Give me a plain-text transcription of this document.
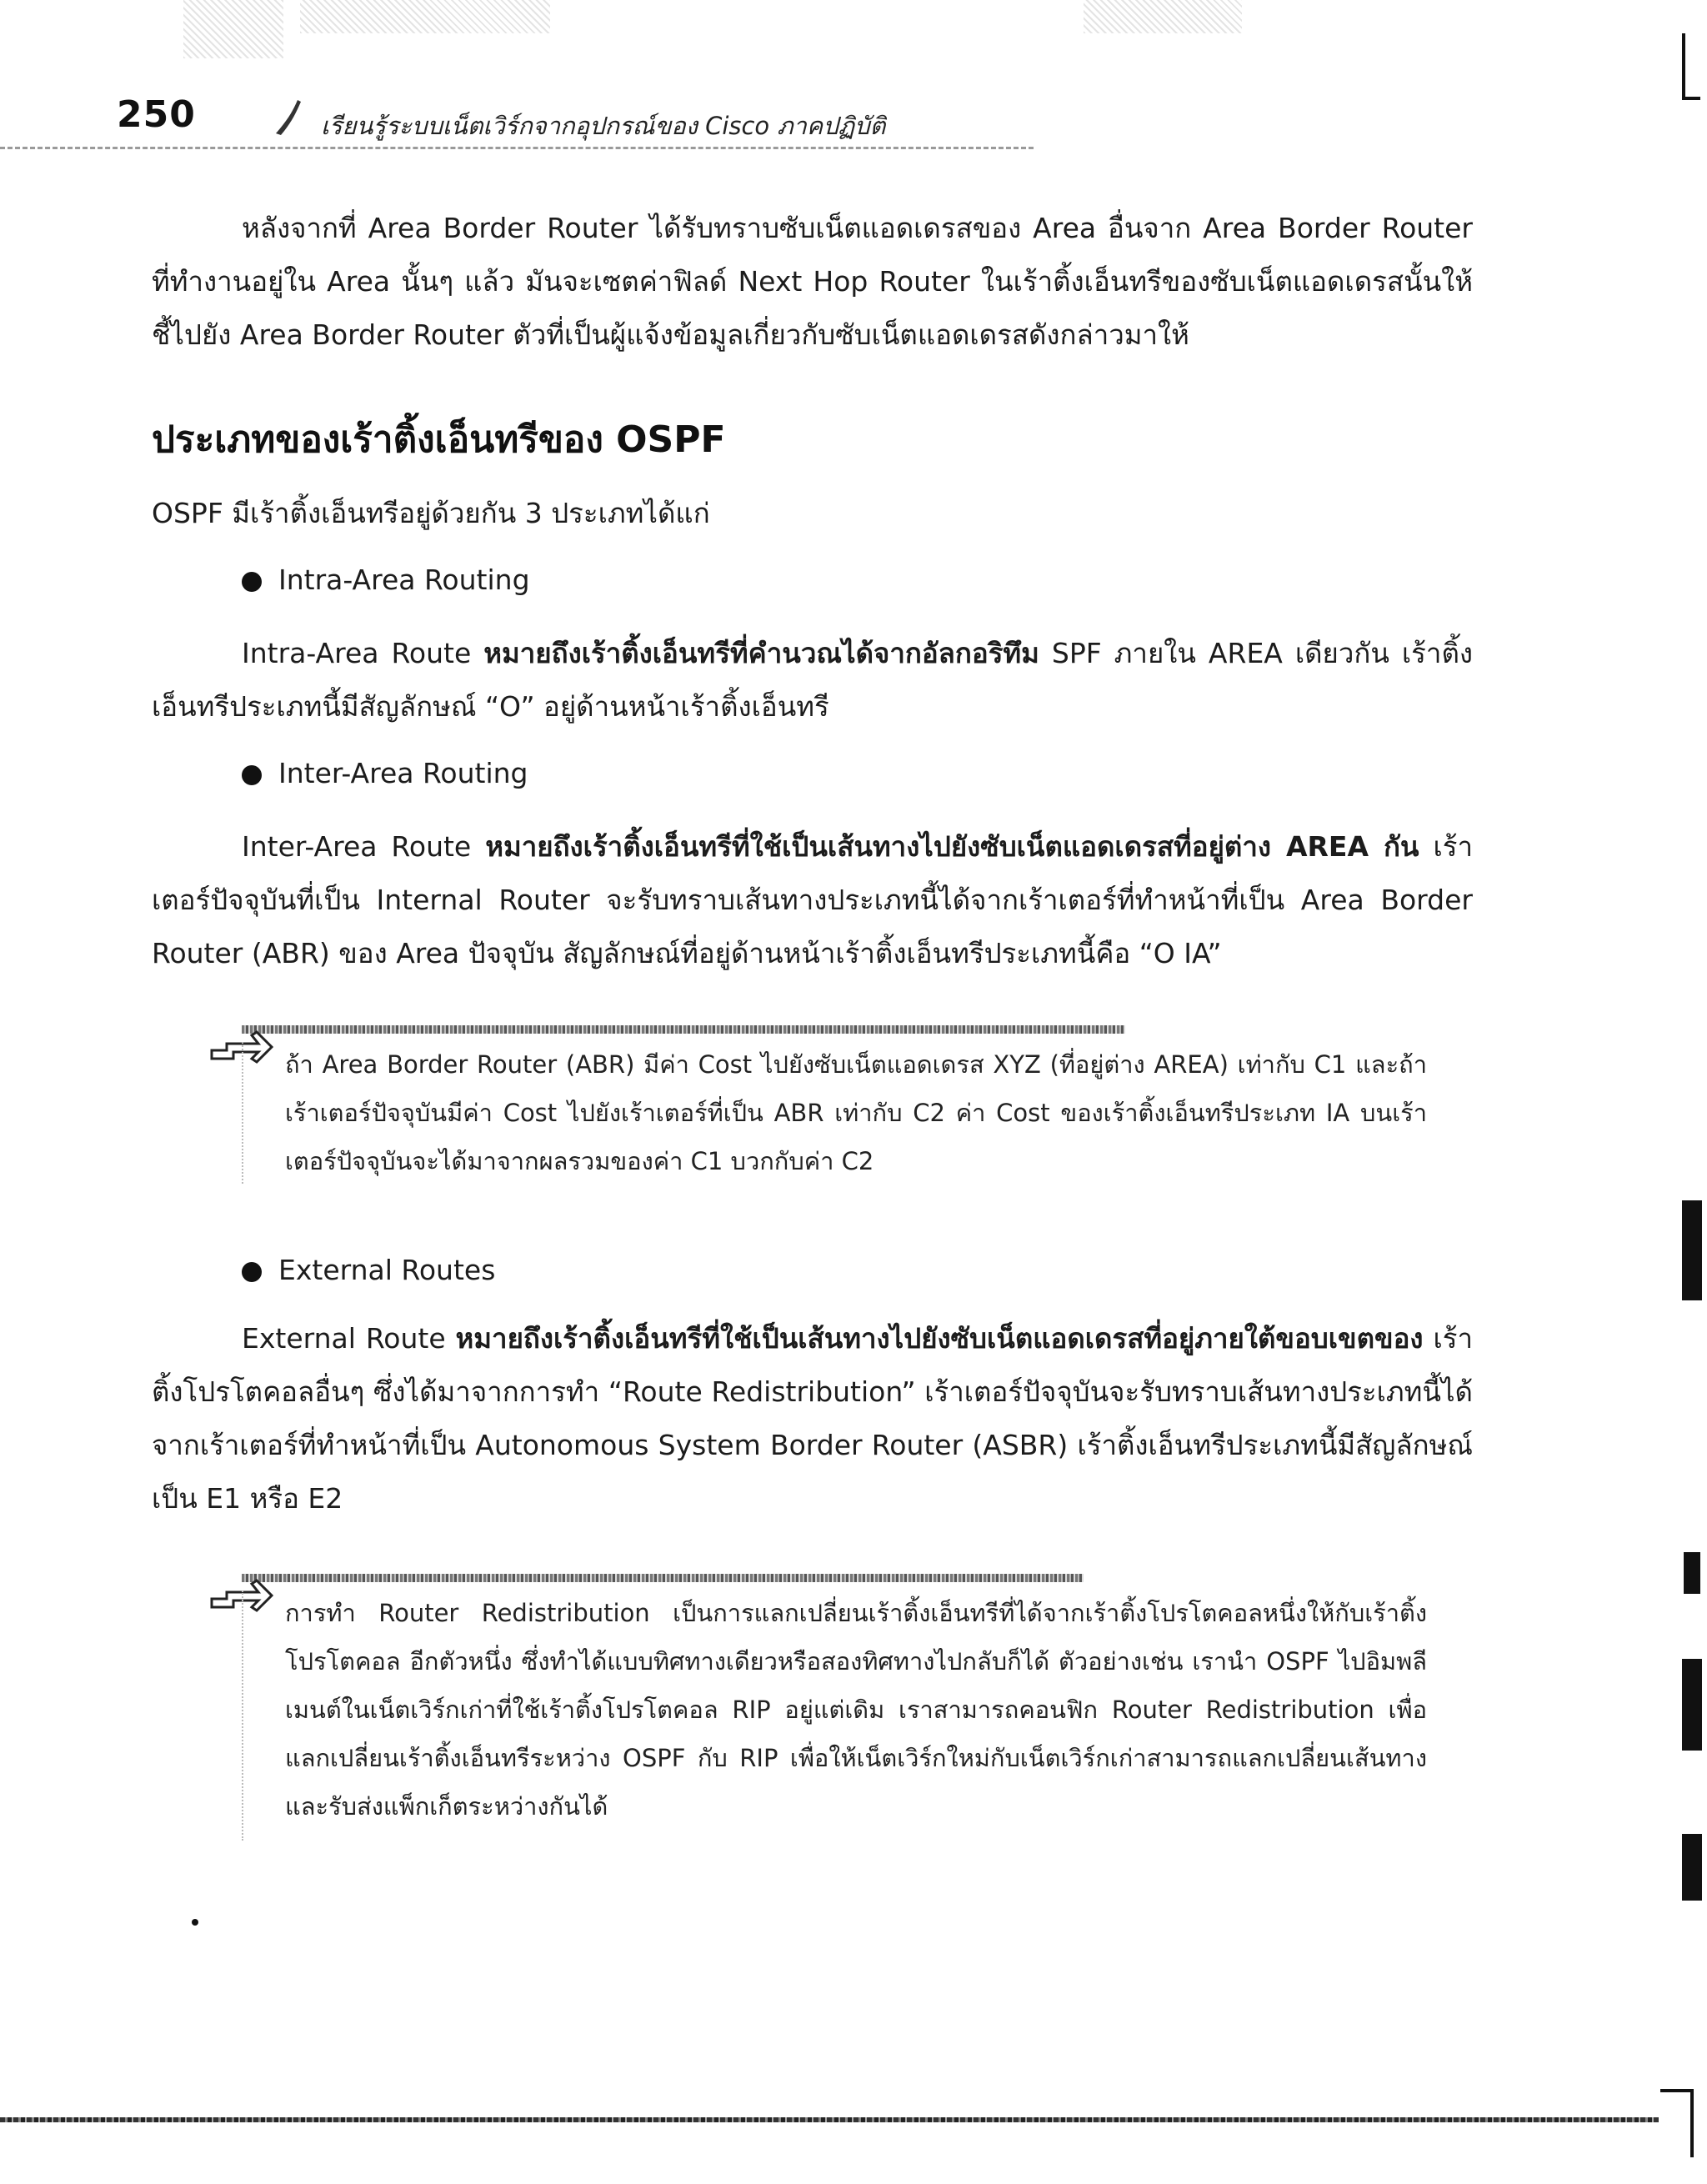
250	เรียนรู้ระบบเน็ตเวิร์กจากอุปกรณ์ของ Cisco ภาคปฏิบัติ
หลังจากที่ Area Border Router ได้รับทราบซับเน็ตแอดเดรสของ Area อื่นจาก Area Border Router ที่ทำงานอยู่ใน Area นั้นๆ แล้ว มันจะเซตค่าฟิลด์ Next Hop Router ในเร้าติ้งเอ็นทรีของซับเน็ตแอดเดรสนั้นให้ชี้ไปยัง Area Border Router ตัวที่เป็นผู้แจ้งข้อมูลเกี่ยวกับซับเน็ตแอดเดรสดังกล่าวมาให้
ประเภทของเร้าติ้งเอ็นทรีของ OSPF
OSPF มีเร้าติ้งเอ็นทรีอยู่ด้วยกัน 3 ประเภทได้แก่
Intra-Area Routing
Intra-Area Route หมายถึงเร้าติ้งเอ็นทรีที่คำนวณได้จากอัลกอริทึม SPF ภายใน AREA เดียวกัน เร้าติ้งเอ็นทรีประเภทนี้มีสัญลักษณ์ “O” อยู่ด้านหน้าเร้าติ้งเอ็นทรี
Inter-Area Routing
Inter-Area Route หมายถึงเร้าติ้งเอ็นทรีที่ใช้เป็นเส้นทางไปยังซับเน็ตแอดเดรสที่อยู่ต่าง AREA กัน เร้าเตอร์ปัจจุบันที่เป็น Internal Router จะรับทราบเส้นทางประเภทนี้ได้จากเร้าเตอร์ที่ทำหน้าที่เป็น Area Border Router (ABR) ของ Area ปัจจุบัน สัญลักษณ์ที่อยู่ด้านหน้าเร้าติ้งเอ็นทรีประเภทนี้คือ “O IA”
ถ้า Area Border Router (ABR) มีค่า Cost ไปยังซับเน็ตแอดเดรส XYZ (ที่อยู่ต่าง AREA) เท่ากับ C1 และถ้าเร้าเตอร์ปัจจุบันมีค่า Cost ไปยังเร้าเตอร์ที่เป็น ABR เท่ากับ C2 ค่า Cost ของเร้าติ้งเอ็นทรีประเภท IA บนเร้าเตอร์ปัจจุบันจะได้มาจากผลรวมของค่า C1 บวกกับค่า C2
External Routes
External Route หมายถึงเร้าติ้งเอ็นทรีที่ใช้เป็นเส้นทางไปยังซับเน็ตแอดเดรสที่อยู่ภายใต้ขอบเขตของ เร้าติ้งโปรโตคอลอื่นๆ ซึ่งได้มาจากการทำ “Route Redistribution” เร้าเตอร์ปัจจุบันจะรับทราบเส้นทางประเภทนี้ได้จากเร้าเตอร์ที่ทำหน้าที่เป็น Autonomous System Border Router (ASBR) เร้าติ้งเอ็นทรีประเภทนี้มีสัญลักษณ์เป็น E1 หรือ E2
การทำ Router Redistribution เป็นการแลกเปลี่ยนเร้าติ้งเอ็นทรีที่ได้จากเร้าติ้งโปรโตคอลหนึ่งให้กับเร้าติ้งโปรโตคอล อีกตัวหนึ่ง ซึ่งทำได้แบบทิศทางเดียวหรือสองทิศทางไปกลับก็ได้ ตัวอย่างเช่น เรานำ OSPF ไปอิมพลีเมนต์ในเน็ตเวิร์กเก่าที่ใช้เร้าติ้งโปรโตคอล RIP อยู่แต่เดิม เราสามารถคอนฟิก Router Redistribution เพื่อแลกเปลี่ยนเร้าติ้งเอ็นทรีระหว่าง OSPF กับ RIP เพื่อให้เน็ตเวิร์กใหม่กับเน็ตเวิร์กเก่าสามารถแลกเปลี่ยนเส้นทางและรับส่งแพ็กเก็ตระหว่างกันได้
